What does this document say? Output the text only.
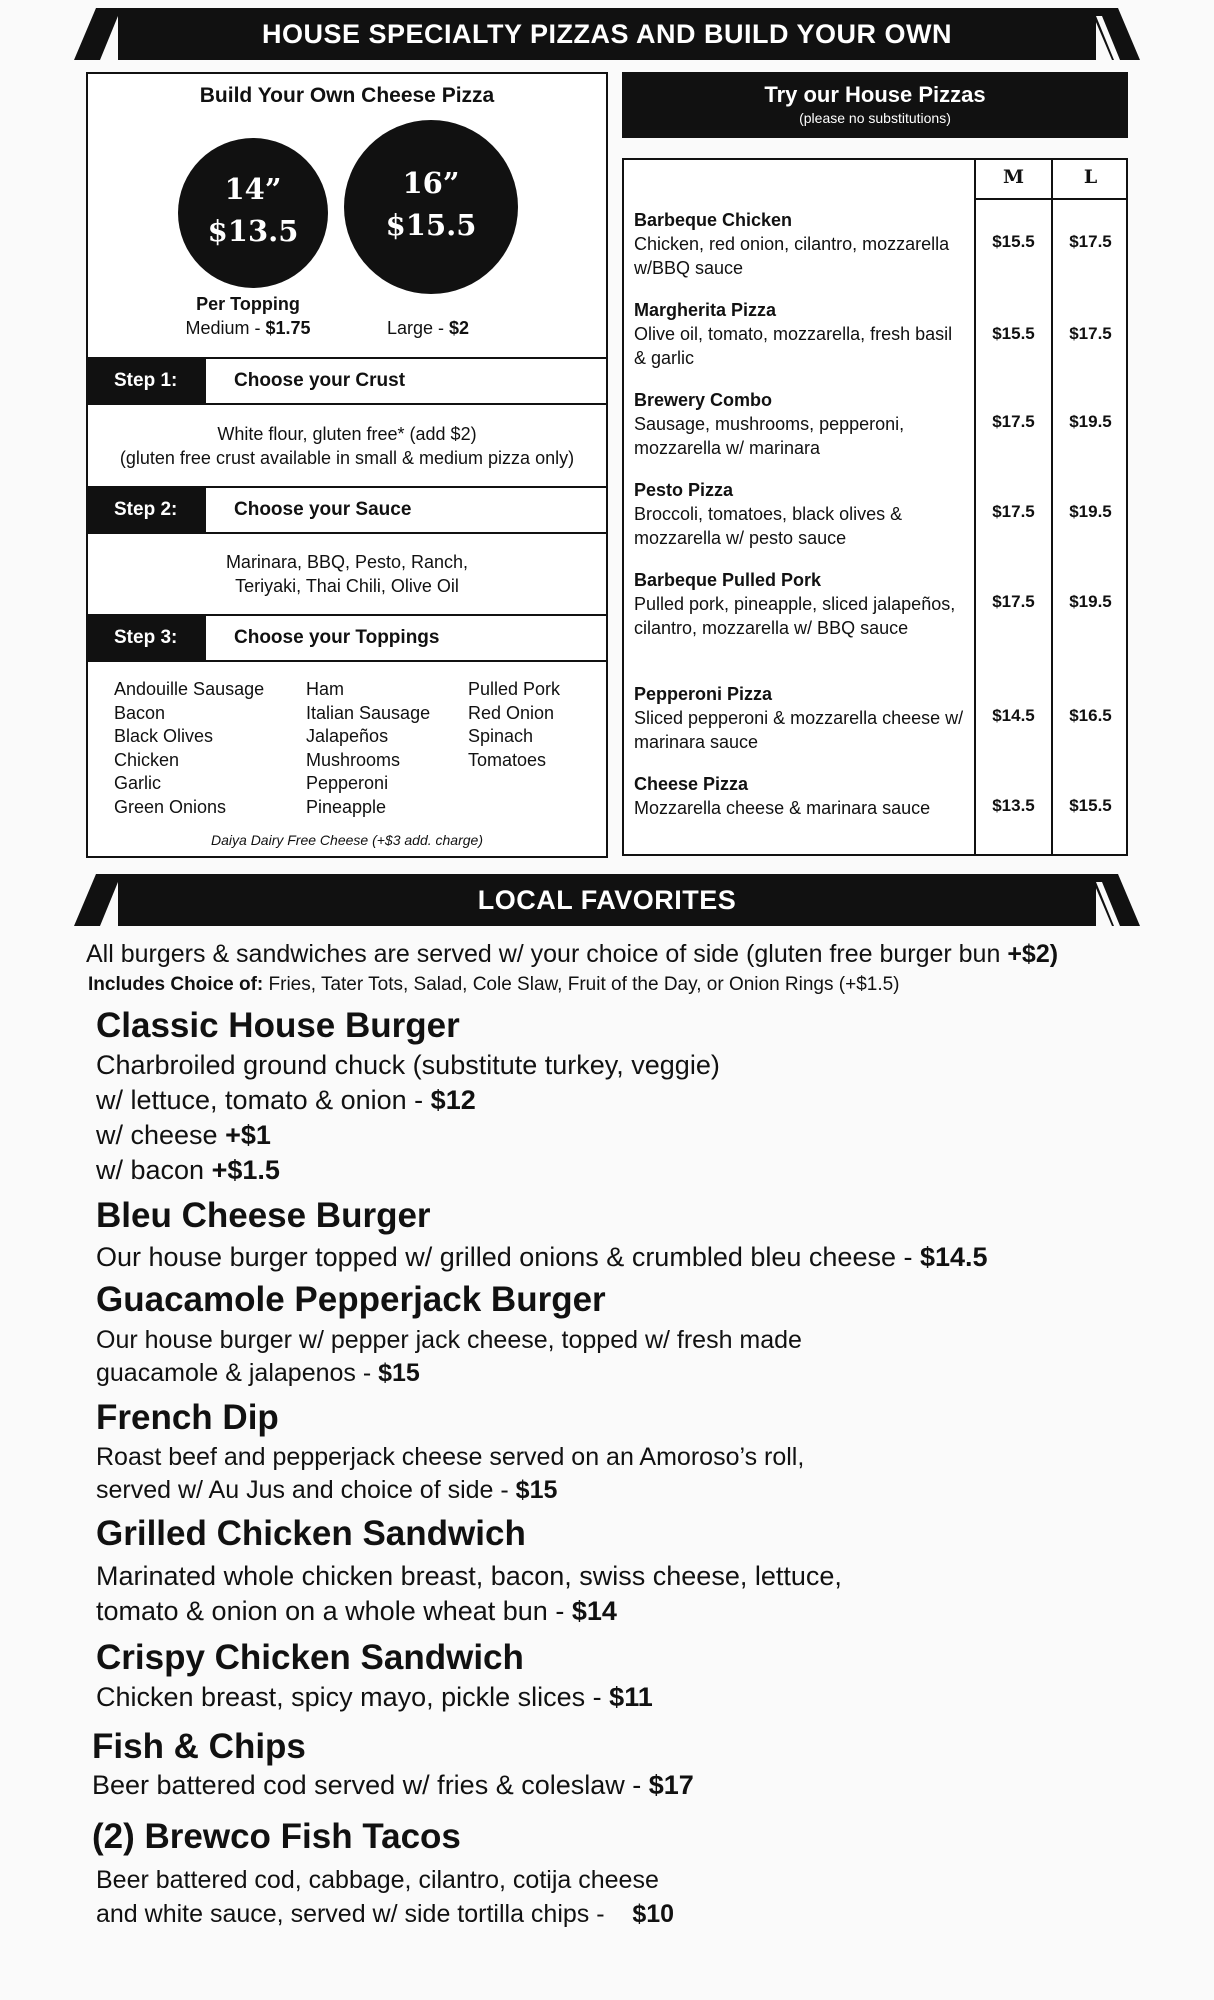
HOUSE SPECIALTY PIZZAS AND BUILD YOUR OWN
Build Your Own Cheese Pizza
14”
$13.5
16”
$15.5
Per Topping
Medium - $1.75	Large - $2
Step 1:	Choose your Crust
White flour, gluten free* (add $2)
(gluten free crust available in small & medium pizza only)
Step 2:	Choose your Sauce
Marinara, BBQ, Pesto, Ranch,
Teriyaki, Thai Chili, Olive Oil
Step 3:	Choose your Toppings
Andouille Sausage
Bacon
Black Olives
Chicken
Garlic
Green Onions
Ham
Italian Sausage
Jalapeños
Mushrooms
Pepperoni
Pineapple
Pulled Pork
Red Onion
Spinach
Tomatoes
Daiya Dairy Free Cheese (+$3 add. charge)
Try our House Pizzas
(please no substitutions)
M	L
Barbeque Chicken
Chicken, red onion, cilantro, mozzarella w/BBQ sauce
$15.5	$17.5
Margherita Pizza
Olive oil, tomato, mozzarella, fresh basil & garlic
$15.5	$17.5
Brewery Combo
Sausage, mushrooms, pepperoni, mozzarella w/ marinara
$17.5	$19.5
Pesto Pizza
Broccoli, tomatoes, black olives & mozzarella w/ pesto sauce
$17.5	$19.5
Barbeque Pulled Pork
Pulled pork, pineapple, sliced jalapeños, cilantro, mozzarella w/ BBQ sauce
$17.5	$19.5
Pepperoni Pizza
Sliced pepperoni & mozzarella cheese w/ marinara sauce
$14.5	$16.5
Cheese Pizza
Mozzarella cheese & marinara sauce	$13.5	$15.5
LOCAL FAVORITES
All burgers & sandwiches are served w/ your choice of side (gluten free burger bun +$2)
Includes Choice of: Fries, Tater Tots, Salad, Cole Slaw, Fruit of the Day, or Onion Rings (+$1.5)
Classic House Burger
Charbroiled ground chuck (substitute turkey, veggie)
w/ lettuce, tomato & onion - $12
w/ cheese +$1
w/ bacon +$1.5
Bleu Cheese Burger
Our house burger topped w/ grilled onions & crumbled bleu cheese - $14.5
Guacamole Pepperjack Burger
Our house burger w/ pepper jack cheese, topped w/ fresh made
guacamole & jalapenos - $15
French Dip
Roast beef and pepperjack cheese served on an Amoroso’s roll,
served w/ Au Jus and choice of side - $15
Grilled Chicken Sandwich
Marinated whole chicken breast, bacon, swiss cheese, lettuce,
tomato & onion on a whole wheat bun - $14
Crispy Chicken Sandwich
Chicken breast, spicy mayo, pickle slices - $11
Fish & Chips
Beer battered cod served w/ fries & coleslaw - $17
(2) Brewco Fish Tacos
Beer battered cod, cabbage, cilantro, cotija cheese
and white sauce, served w/ side tortilla chips -    $10
